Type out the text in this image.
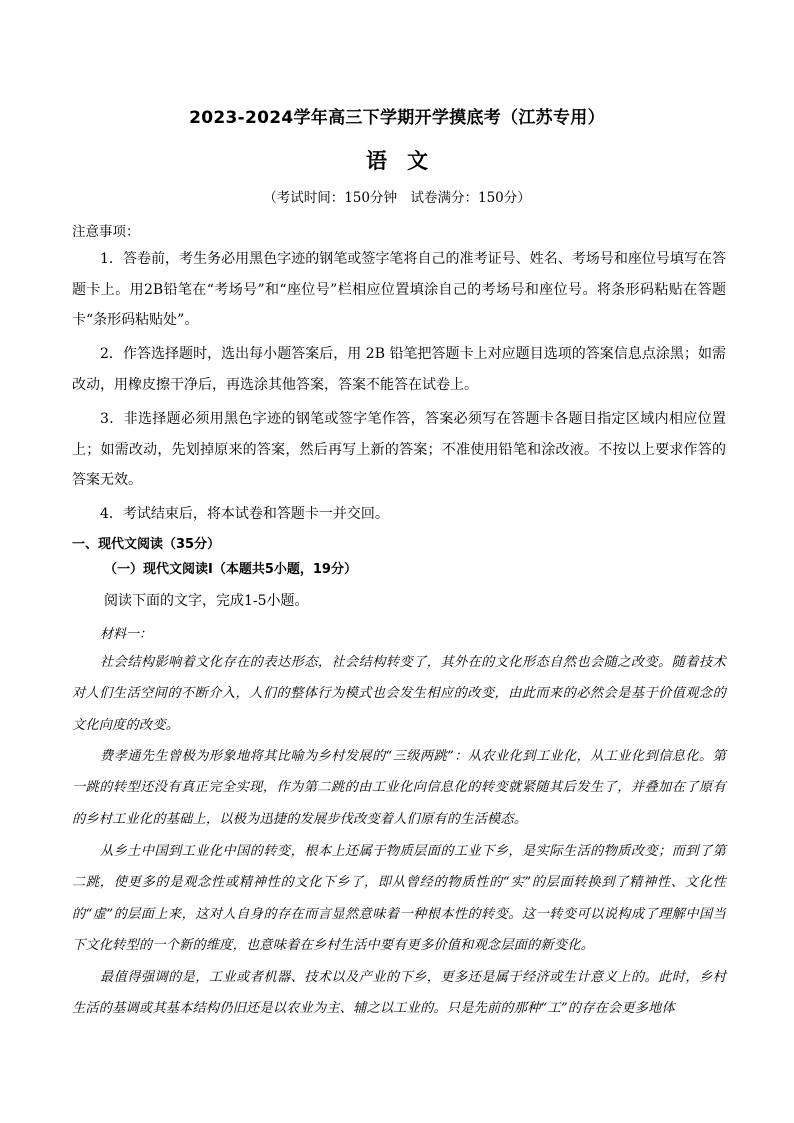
2023-2024学年高三下学期开学摸底考（江苏专用）
语文
（考试时间：150分钟　试卷满分：150分）
注意事项：

1．答卷前，考生务必用黑色字迹的钢笔或签字笔将自己的准考证号、姓名、考场号和座位号填写在答题卡上。用2B铅笔在“考场号”和“座位号”栏相应位置填涂自己的考场号和座位号。将条形码粘贴在答题卡“条形码粘贴处”。

2．作答选择题时，选出每小题答案后，用 2B 铅笔把答题卡上对应题目选项的答案信息点涂黑；如需改动，用橡皮擦干净后，再选涂其他答案，答案不能答在试卷上。

3．非选择题必须用黑色字迹的钢笔或签字笔作答，答案必须写在答题卡各题目指定区域内相应位置上；如需改动，先划掉原来的答案，然后再写上新的答案；不准使用铅笔和涂改液。不按以上要求作答的答案无效。

4．考试结束后，将本试卷和答题卡一并交回。

一、现代文阅读（35分）
（一）现代文阅读Ⅰ（本题共5小题，19分）
阅读下面的文字，完成1-5小题。
材料一：

社会结构影响着文化存在的表达形态，社会结构转变了，其外在的文化形态自然也会随之改变。随着技术对人们生活空间的不断介入，人们的整体行为模式也会发生相应的改变，由此而来的必然会是基于价值观念的文化向度的改变。

费孝通先生曾极为形象地将其比喻为乡村发展的“三级两跳”：从农业化到工业化，从工业化到信息化。第一跳的转型还没有真正完全实现，作为第二跳的由工业化向信息化的转变就紧随其后发生了，并叠加在了原有的乡村工业化的基础上，以极为迅捷的发展步伐改变着人们原有的生活模态。

从乡土中国到工业化中国的转变，根本上还属于物质层面的工业下乡，是实际生活的物质改变；而到了第二跳，使更多的是观念性或精神性的文化下乡了，即从曾经的物质性的“实”的层面转换到了精神性、文化性的“虚”的层面上来，这对人自身的存在而言显然意味着一种根本性的转变。这一转变可以说构成了理解中国当下文化转型的一个新的维度，也意味着在乡村生活中要有更多价值和观念层面的新变化。

最值得强调的是，工业或者机器、技术以及产业的下乡，更多还是属于经济或生计意义上的。此时，乡村生活的基调或其基本结构仍旧还是以农业为主、辅之以工业的。只是先前的那种“工”的存在会更多地体
